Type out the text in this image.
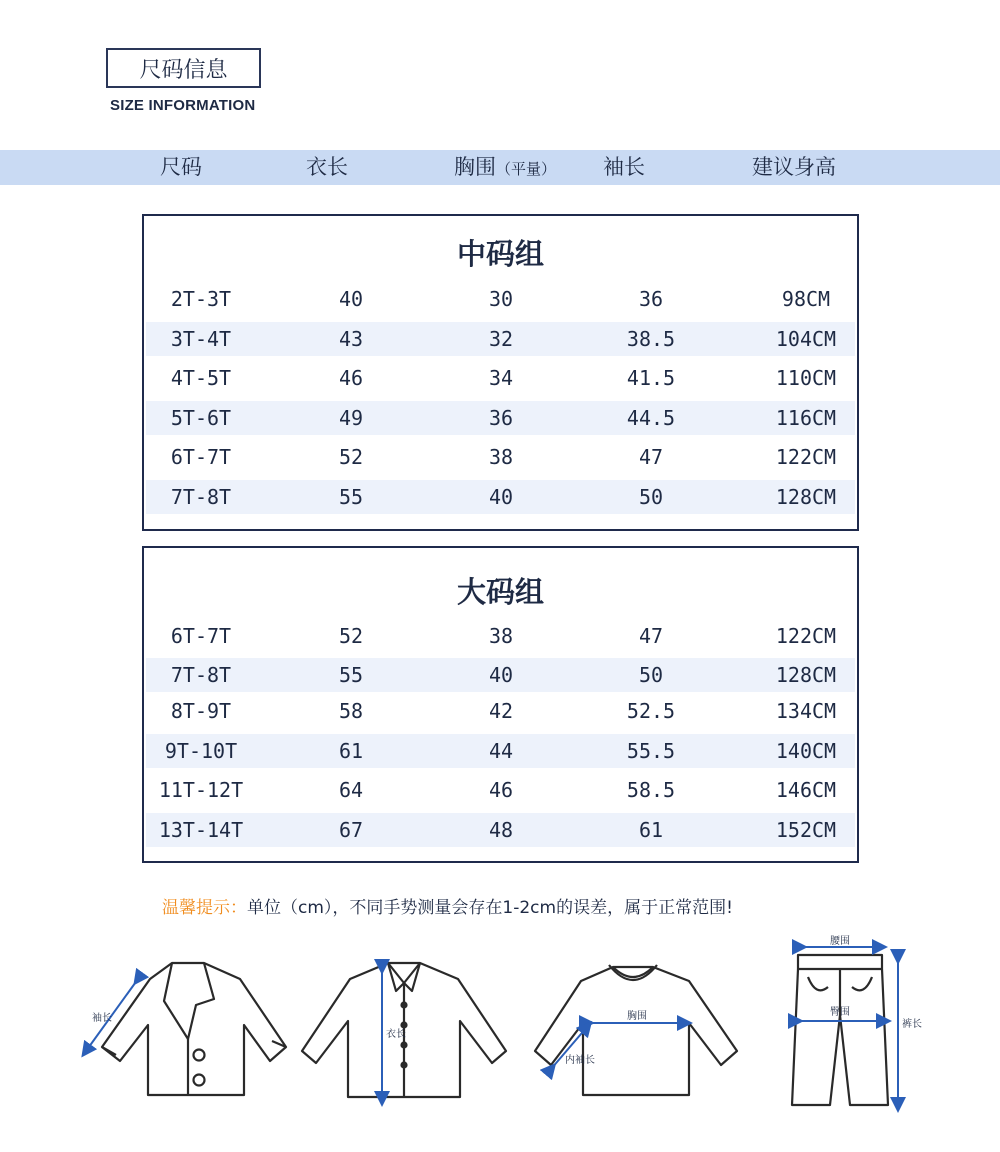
尺码信息
SIZE INFORMATION
尺码	衣长	胸围（平量） 袖长	建议身高
中码组
2T-3T	40	30	36	98CM
3T-4T	43	32	38.5	104CM
4T-5T	46	34	41.5	110CM
5T-6T	49	36	44.5	116CM
6T-7T	52	38	47	122CM
7T-8T	55	40	50	128CM
大码组
6T-7T	52	38	47	122CM
7T-8T	55	40	50	128CM
8T-9T	58	42	52.5	134CM
9T-10T	61	44	55.5	140CM
11T-12T	64	46	58.5	146CM
13T-14T	67	48	61	152CM
温馨提示：单位（cm），不同手势测量会存在1-2cm的误差，属于正常范围!
袖长
衣长
胸围
内袖长
腰围
臀围
裤长
